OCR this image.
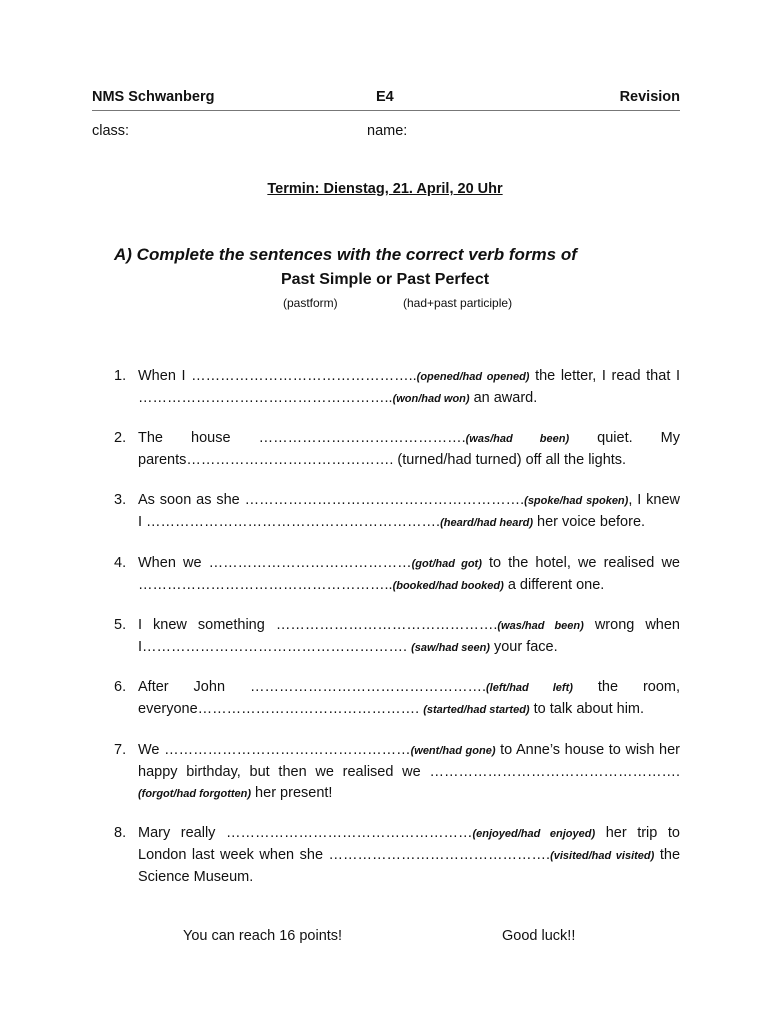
NMS Schwanberg	E4	Revision
class:	name:
Termin: Dienstag, 21. April, 20 Uhr
A) Complete the sentences with the correct verb forms of
Past Simple or Past Perfect
(pastform)	(had+past participle)
1. When I ………………………………………..(opened/had opened) the letter, I read that I ……………………………………………..(won/had won) an award.
2. The house …………………………………….(was/had been) quiet. My parents……………………………………. (turned/had turned) off all the lights.
3. As soon as she ………………………………………………….(spoke/had spoken), I knew I …………………………………………………….(heard/had heard) her voice before.
4. When we ……………………………………(got/had got) to the hotel, we realised we ……………………………………………..(booked/had booked) a different one.
5. I knew something ……………………………………….(was/had been) wrong when I………………………………………………. (saw/had seen) your face.
6. After John ………………………………………….(left/had left) the room, everyone………………………………………. (started/had started) to talk about him.
7. We ……………………………………………(went/had gone) to Anne’s house to wish her happy birthday, but then we realised we …………………………………………….(forgot/had forgotten) her present!
8. Mary really ……………………………………………(enjoyed/had enjoyed) her trip to London last week when she ……………………………………….(visited/had visited) the Science Museum.
You can reach 16 points!	Good luck!!
